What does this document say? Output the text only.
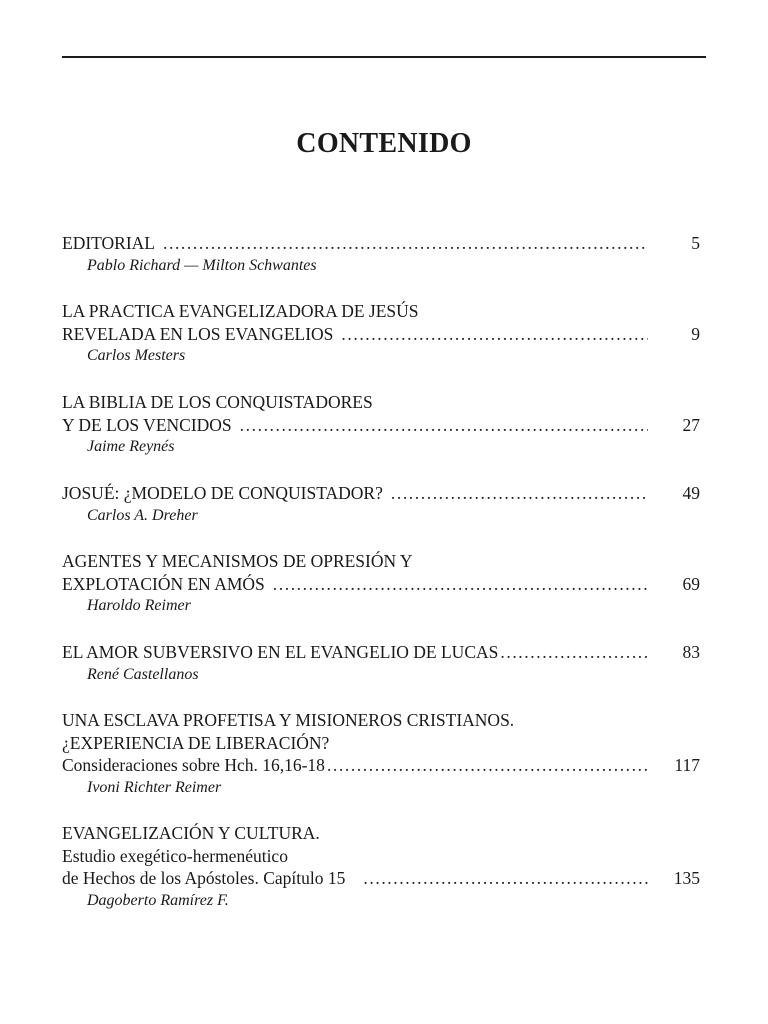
CONTENIDO
EDITORIAL .....	5
Pablo Richard — Milton Schwantes
LA PRACTICA EVANGELIZADORA DE JESÚS
REVELADA EN LOS EVANGELIOS .....	9
Carlos Mesters
LA BIBLIA DE LOS CONQUISTADORES
Y DE LOS VENCIDOS .....	27
Jaime Reynés
JOSUÉ: ¿MODELO DE CONQUISTADOR? .....	49
Carlos A. Dreher
AGENTES Y MECANISMOS DE OPRESIÓN Y
EXPLOTACIÓN EN AMÓS .....	69
Haroldo Reimer
EL AMOR SUBVERSIVO EN EL EVANGELIO DE LUCAS .....	83
René Castellanos
UNA ESCLAVA PROFETISA Y MISIONEROS CRISTIANOS.
¿EXPERIENCIA DE LIBERACIÓN?
Consideraciones sobre Hch. 16,16-18 .....	117
Ivoni Richter Reimer
EVANGELIZACIÓN Y CULTURA.
Estudio exegético-hermenéutico
de Hechos de los Apóstoles. Capítulo 15 .....	135
Dagoberto Ramírez F.
